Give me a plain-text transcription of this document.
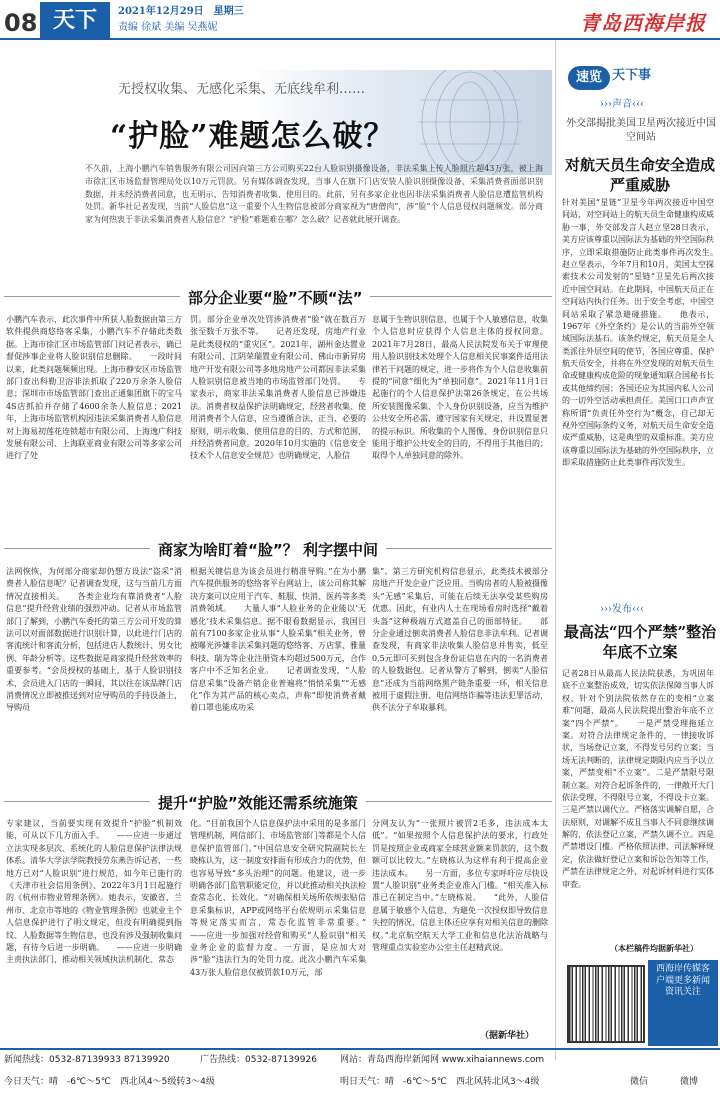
08 天下	2021年12月29日　 星期三
责编 徐斌 美编 吴燕妮	青岛西海岸报
无授权收集、无感化采集、无底线牟利……
“护脸”难题怎么破？
不久前，上海小鹏汽车销售服务有限公司因向第三方公司购买22台人脸识别摄像设备，非法采集上传人脸照片超43万张，被上海市徐汇区市场监督管理局处以10万元罚款。另有媒体调查发现，当事人在旗下门店安装人脸识别摄像设备，采集消费者面部识别数据，并未经消费者同意，也无明示、告知消费者收集、使用目的。此前，另有多家企业也因非法采集消费者人脸信息遭监管机构处罚。新华社记者发现，当前“人脸信息”这一重要个人生物信息被部分商家视为“唐僧肉”，涉“脸”个人信息侵权问题频发。部分商家为何热衷于非法采集消费者人脸信息？“护脸”难题难在哪？怎么破？记者就此展开调查。
部分企业要“脸”不顾“法”
小鹏汽车表示，此次事件中所获人脸数据由第三方软件提供商悠络客采集，小鹏汽车不存储此类数据。上海市徐汇区市场监管部门问记者表示，确已督促涉事企业将人脸识别信息删除。　　一段时间以来，此类问题频频出现。上海市静安区市场监管部门查出科勒卫浴非法抓取了220万余条人脸信息；深圳市市场监管部门查出正通集团旗下的宝马4S店抓拍并存储了4600余条人脸信息；2021年，上海市场监管机构因违法采集消费者人脸信息对上海易初莲花连锁超市有限公司、上海逸广科技发展有限公司、上海联亚商业有限公司等多家公司进行了处
罚。部分企业单次处罚涉消费者“脸”就在数百万张至数千万张不等。　　记者还发现，房地产行业是此类侵权的“重灾区”。2021年，湖州金达置业有限公司、江阴荣瑞置业有限公司、佛山市新昇房地产开发有限公司等多地房地产公司都因非法采集人脸识别信息被当地的市场监管部门处罚。　　专家表示，商家非法采集消费者人脸信息已涉嫌违法。消费者权益保护法明确规定，经营者收集、使用消费者个人信息，应当遵循合法、正当、必要的原则，明示收集、使用信息的目的、方式和范围，并经消费者同意。2020年10月实施的《信息安全技术个人信息安全规范》也明确规定，人脸信
息属于生物识别信息，也属于个人敏感信息，收集个人信息时应获得个人信息主体的授权同意。2021年7月28日，最高人民法院发布关于审理使用人脸识别技术处理个人信息相关民事案件适用法律若干问题的规定，进一步将作为个人信息收集前提的“同意”细化为“单独同意”。2021年11月1日起施行的个人信息保护法第26条规定，在公共场所安装图像采集、个人身份识别设备，应当为维护公共安全所必需，遵守国家有关规定，并设置显著的提示标识。所收集的个人图像、身份识别信息只能用于维护公共安全的目的，不得用于其他目的；取得个人单独同意的除外。
商家为啥盯着“脸”？ 利字摆中间
法网恢恢，为何部分商家却仍想方设法“盗采”消费者人脸信息呢？记者调查发现，这与当前几方面情况直接相关。　　各类企业均有靠消费者“人脸信息”提升经营业绩的强烈冲动。记者从市场监管部门了解到，小鹏汽车委托的第三方公司开发的算法可以对面部数据进行识别计算，以此进行门店的客流统计和客流分析，包括进店人数统计、男女比例、年龄分析等。这些数据是商家提升经营效率的重要参考。“会员授权的基础上，基于人脸识别技术，会员进入门店的一瞬间，其以往在该品牌门店消费情况立即被推送到对应导购员的手持设备上，导购员
根据关键信息为该会员进行精准导购。”在为小鹏汽车提供服务的悠络客平台网站上，该公司称其解决方案可以应用于汽车、鞋服、快消、医药等多类消费领域。　　大量人事“人脸业务的企业能以‘无感化’技术采集信息。据不眼看数据显示，我国目前有7100多家企业从事“人脸采集”相关业务，曾被曝光涉嫌非法采集问题的悠络客、万店掌、雅量科技、瑞为等企业注册资本均超过500万元，合作客户中不乏知名企业。　　记者调查发现，“人脸信息采集”设备产销企业普遍将“悄悄采集”“无感化”作为其产品的核心卖点，声称“即使消费者戴着口罩也能成功采
集”。第三方研究机构信息显示，此类技术被部分房地产开发企业广泛应用。当购房者的人脸被摄像头“无感”采集后，可能在后续无法享受某些购房优惠。因此，有业内人士在现场看房时选择“戴着头盔”这种极端方式遮盖自己的面部特征。　　部分企业通过倒卖消费者人脸信息非法牟利。记者调查发现，有商家非法收集人脸信息并售卖，低至0.5元即可买到包含身份证信息在内的一名消费者的人脸数据包。记者从警方了解到，倒卖“人脸信息”还成为当前网络黑产链条重要一环，相关信息被用于虚假注册、电信网络诈骗等违法犯罪活动，供不法分子牟取暴利。
提升“护脸”效能还需系统施策
专家建议，当前要实现有效提升“护脸”机制效能，可从以下几方面入手。　　——应进一步通过立法实现多层次、系统化的人脸信息保护法律法规体系。清华大学法学院教授劳东燕告诉记者，一些地方已对“人脸识别”进行规范，如今年已施行的《天津市社会信用条例》、2022年3月1日起施行的《杭州市物业管理条例》。她表示，安徽省、兰州市、北京市等地的《物业管理条例》也就业主个人信息保护进行了明文规定，但没有明确提到指纹、人脸数据等生物信息，也没有涉及强制收集问题，有待今后进一步明确。　　——应进一步明确主责执法部门，推动相关领域执法机制化、常态
化。“目前我国个人信息保护法中采用的是多部门管理机制，网信部门、市场监管部门等都是个人信息保护监管部门。”中国信息安全研究院副院长左晓栋认为，这一制度安排面有形成合力的优势，但也容易导致“多头治理”的问题。他建议，进一步明确各部门监管职能定位，并以此推动相关执法检查常态化、长效化。“对确保相关场所依规张贴信息采集标识，APP或网络平台依规明示采集信息等规定落实而言，常态化监管非常重要。”　　——应进一步加强对经营和购买“人脸识别”相关业务企业的监督力度。一方面，是应加大对涉“脸”违法行为的处罚力度。此次小鹏汽车采集43万张人脸信息仅被罚款10万元，部
分网友认为“一张照片被罚2毛多，违法成本太低”。“如果按照个人信息保护法的要求，行政处罚是按照企业或商家全球营业额来罚款的，这个数额可以比较大。”左晓栋认为这样有利于提高企业违法成本。　　另一方面，多位专家呼吁应尽快设置“人脸识别”业务类企业准入门槛。“相关准入标准已在制定当中。”左晓栋说。　　“此外，人脸信息属于敏感个人信息，为避免一次授权即导致信息失控的情况，信息主体还应享有对相关信息的删除权。”北京航空航天大学工业和信息化法治战略与管理重点实验室办公室主任赵精武说。
（据新华社）
速览 天下事
›››声音‹‹‹
外交部揭批美国卫星两次接近中国空间站
对航天员生命安全造成严重威胁
针对美国“星链”卫星今年两次接近中国空间站，对空间站上的航天员生命健康构成威胁一事，外交部发言人赵立坚28日表示，美方应该尊重以国际法为基础的外空国际秩序，立即采取措施防止此类事件再次发生。　　赵立坚表示，今年7月和10月，美国太空探索技术公司发射的“星链”卫星先后两次接近中国空间站。在此期间，中国航天员正在空间站内执行任务。出于安全考虑，中国空间站采取了紧急避碰措施。　　他表示，1967年《外空条约》是公认的当前外空领域国际法基石。该条约规定，航天员是全人类派往外层空间的使节，各国应尊重、保护航天员安全，并将在外空发现的对航天员生命或健康构成危险的现象通知联合国秘书长或其他缔约国；各国还应为其国内私人公司的一切外空活动承担责任。美国口口声声宣称所谓“负责任外空行为”概念，自己却无视外空国际条约义务，对航天员生命安全造成严重威胁，这是典型的双重标准。美方应该尊重以国际法为基础的外空国际秩序，立即采取措施防止此类事件再次发生。
›››发布‹‹‹
最高法“四个严禁”整治年底不立案
记者28日从最高人民法院获悉，为巩固年底不立案整治成效，切实依法保障当事人诉权，针对个别法院依然存在的变相“立案难”问题，最高人民法院提出整治年底不立案“四个严禁”。　　一是严禁受理拖延立案。对符合法律规定条件的，一律接收诉状，当场登记立案，不得发号另约立案；当场无法判断的，法律规定期限内应当予以立案，严禁变相“不立案”。二是严禁限号限制立案。对符合起诉条件的，一律敞开大门依法受理，不得限号立案，不得设卡立案。三是严禁以调代立。严格落实调解自愿，合法原则，对调解不成且当事人不同意继续调解的，依法登记立案，严禁久调不立。四是严禁增设门槛。严格依照法律、司法解释规定，依法做好登记立案和诉讼告知等工作，严禁在法律规定之外，对起诉材料进行实体审查。
（本栏稿件均据新华社）
西海岸传媒客户端更多新闻资讯关注
新闻热线：0532-87139933 87139920	广告热线：0532-87139926	网站：青岛西海岸新闻网 www.xihaiannews.com
今日天气：晴　-6℃～5℃　西北风4～5级转3～4级	明日天气：晴　-6℃～5℃　西北风转北风3～4级	微信	微博
